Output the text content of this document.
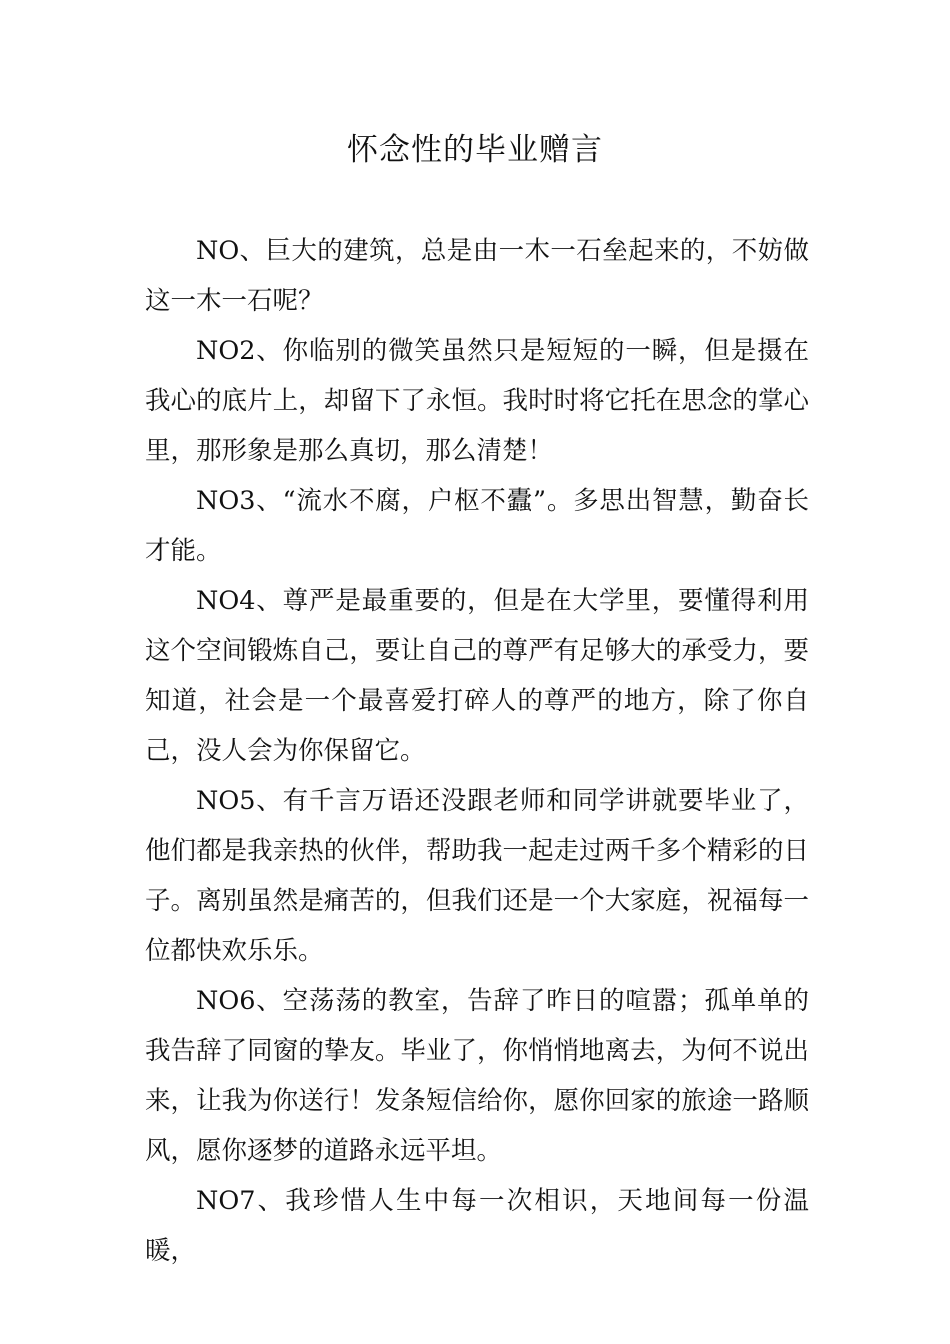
怀念性的毕业赠言

NO、巨大的建筑，总是由一木一石垒起来的，不妨做这一木一石呢？

NO2、你临别的微笑虽然只是短短的一瞬，但是摄在我心的底片上，却留下了永恒。我时时将它托在思念的掌心里，那形象是那么真切，那么清楚！

NO3、“流水不腐，户枢不蠹”。多思出智慧，勤奋长才能。

NO4、尊严是最重要的，但是在大学里，要懂得利用这个空间锻炼自己，要让自己的尊严有足够大的承受力，要知道，社会是一个最喜爱打碎人的尊严的地方，除了你自己，没人会为你保留它。

NO5、有千言万语还没跟老师和同学讲就要毕业了，他们都是我亲热的伙伴，帮助我一起走过两千多个精彩的日子。离别虽然是痛苦的，但我们还是一个大家庭，祝福每一位都快欢乐乐。

NO6、空荡荡的教室，告辞了昨日的喧嚣；孤单单的我告辞了同窗的挚友。毕业了，你悄悄地离去，为何不说出来，让我为你送行！发条短信给你，愿你回家的旅途一路顺风，愿你逐梦的道路永远平坦。

NO7、我珍惜人生中每一次相识，天地间每一份温暖，
